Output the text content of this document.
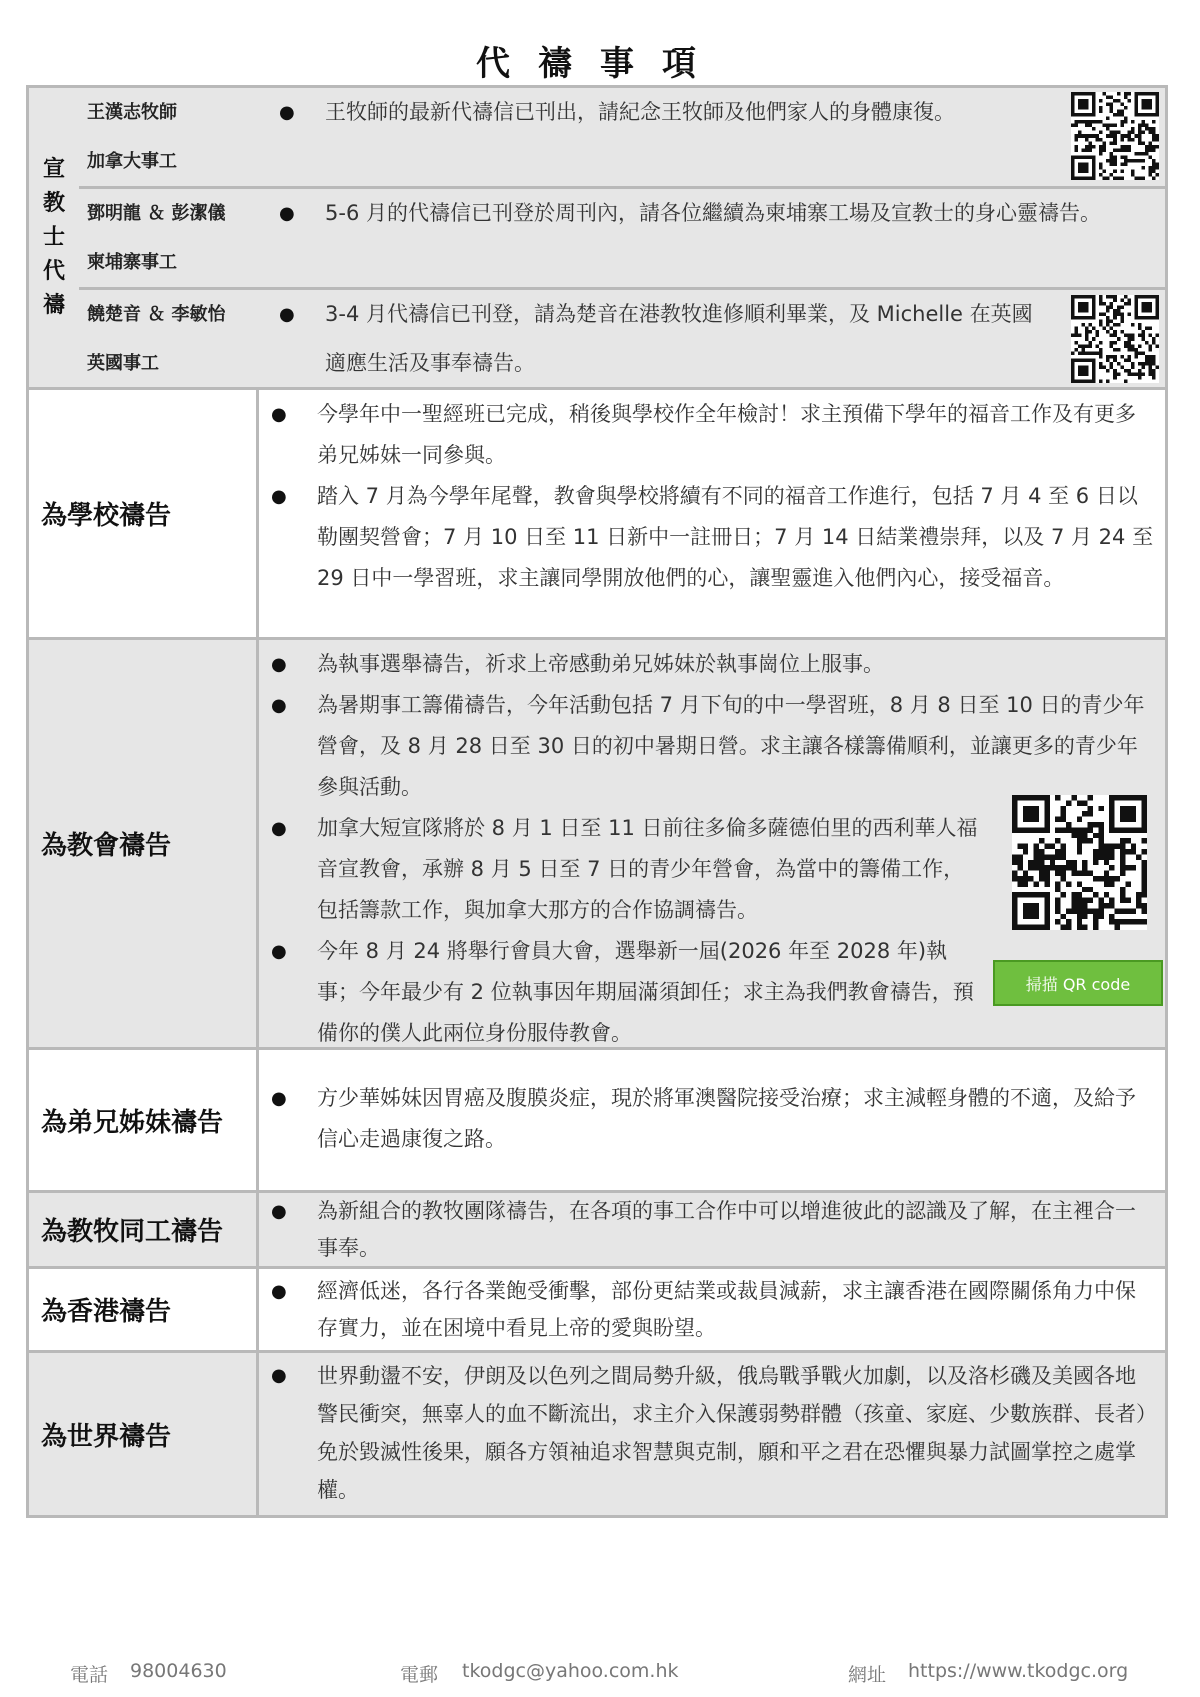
代禱事項
宣
教
士
代
禱
王漢志牧師
加拿大事工
● 王牧師的最新代禱信已刊出，請紀念王牧師及他們家人的身體康復。
鄧明龍 ＆ 彭潔儀
柬埔寨事工
● 5-6 月的代禱信已刊登於周刊內，請各位繼續為柬埔寨工場及宣教士的身心靈禱告。
饒楚音 ＆ 李敏怡
英國事工
● 3-4 月代禱信已刊登，請為楚音在港教牧進修順利畢業，及 Michelle 在英國適應生活及事奉禱告。
為學校禱告
● 今學年中一聖經班已完成，稍後與學校作全年檢討！求主預備下學年的福音工作及有更多弟兄姊妹一同參與。
● 踏入 7 月為今學年尾聲，教會與學校將續有不同的福音工作進行，包括 7 月 4 至 6 日以勒團契營會；7 月 10 日至 11 日新中一註冊日；7 月 14 日結業禮崇拜，以及 7 月 24 至 29 日中一學習班，求主讓同學開放他們的心，讓聖靈進入他們內心，接受福音。
為教會禱告
● 為執事選舉禱告，祈求上帝感動弟兄姊妹於執事崗位上服事。
● 為暑期事工籌備禱告，今年活動包括 7 月下旬的中一學習班，8 月 8 日至 10 日的青少年營會，及 8 月 28 日至 30 日的初中暑期日營。求主讓各樣籌備順利，並讓更多的青少年參與活動。
● 加拿大短宣隊將於 8 月 1 日至 11 日前往多倫多薩德伯里的西利華人福音宣教會，承辦 8 月 5 日至 7 日的青少年營會，為當中的籌備工作，包括籌款工作，與加拿大那方的合作協調禱告。
● 今年 8 月 24 將舉行會員大會，選舉新一屆(2026 年至 2028 年)執事；今年最少有 2 位執事因年期屆滿須卸任；求主為我們教會禱告，預備你的僕人此兩位身份服侍教會。
為弟兄姊妹禱告
● 方少華姊妹因胃癌及腹膜炎症，現於將軍澳醫院接受治療；求主減輕身體的不適，及給予信心走過康復之路。
為教牧同工禱告
● 為新組合的教牧團隊禱告，在各項的事工合作中可以增進彼此的認識及了解，在主裡合一事奉。
為香港禱告
● 經濟低迷，各行各業飽受衝擊，部份更結業或裁員減薪，求主讓香港在國際關係角力中保存實力，並在困境中看見上帝的愛與盼望。
為世界禱告
● 世界動盪不安，伊朗及以色列之間局勢升級，俄烏戰爭戰火加劇，以及洛杉磯及美國各地警民衝突，無辜人的血不斷流出，求主介入保護弱勢群體（孩童、家庭、少數族群、長者）免於毀滅性後果，願各方領袖追求智慧與克制，願和平之君在恐懼與暴力試圖掌控之處掌權。
掃描 QR code
電話 98004630	電郵 tkodgc@yahoo.com.hk	網址 https://www.tkodgc.org
